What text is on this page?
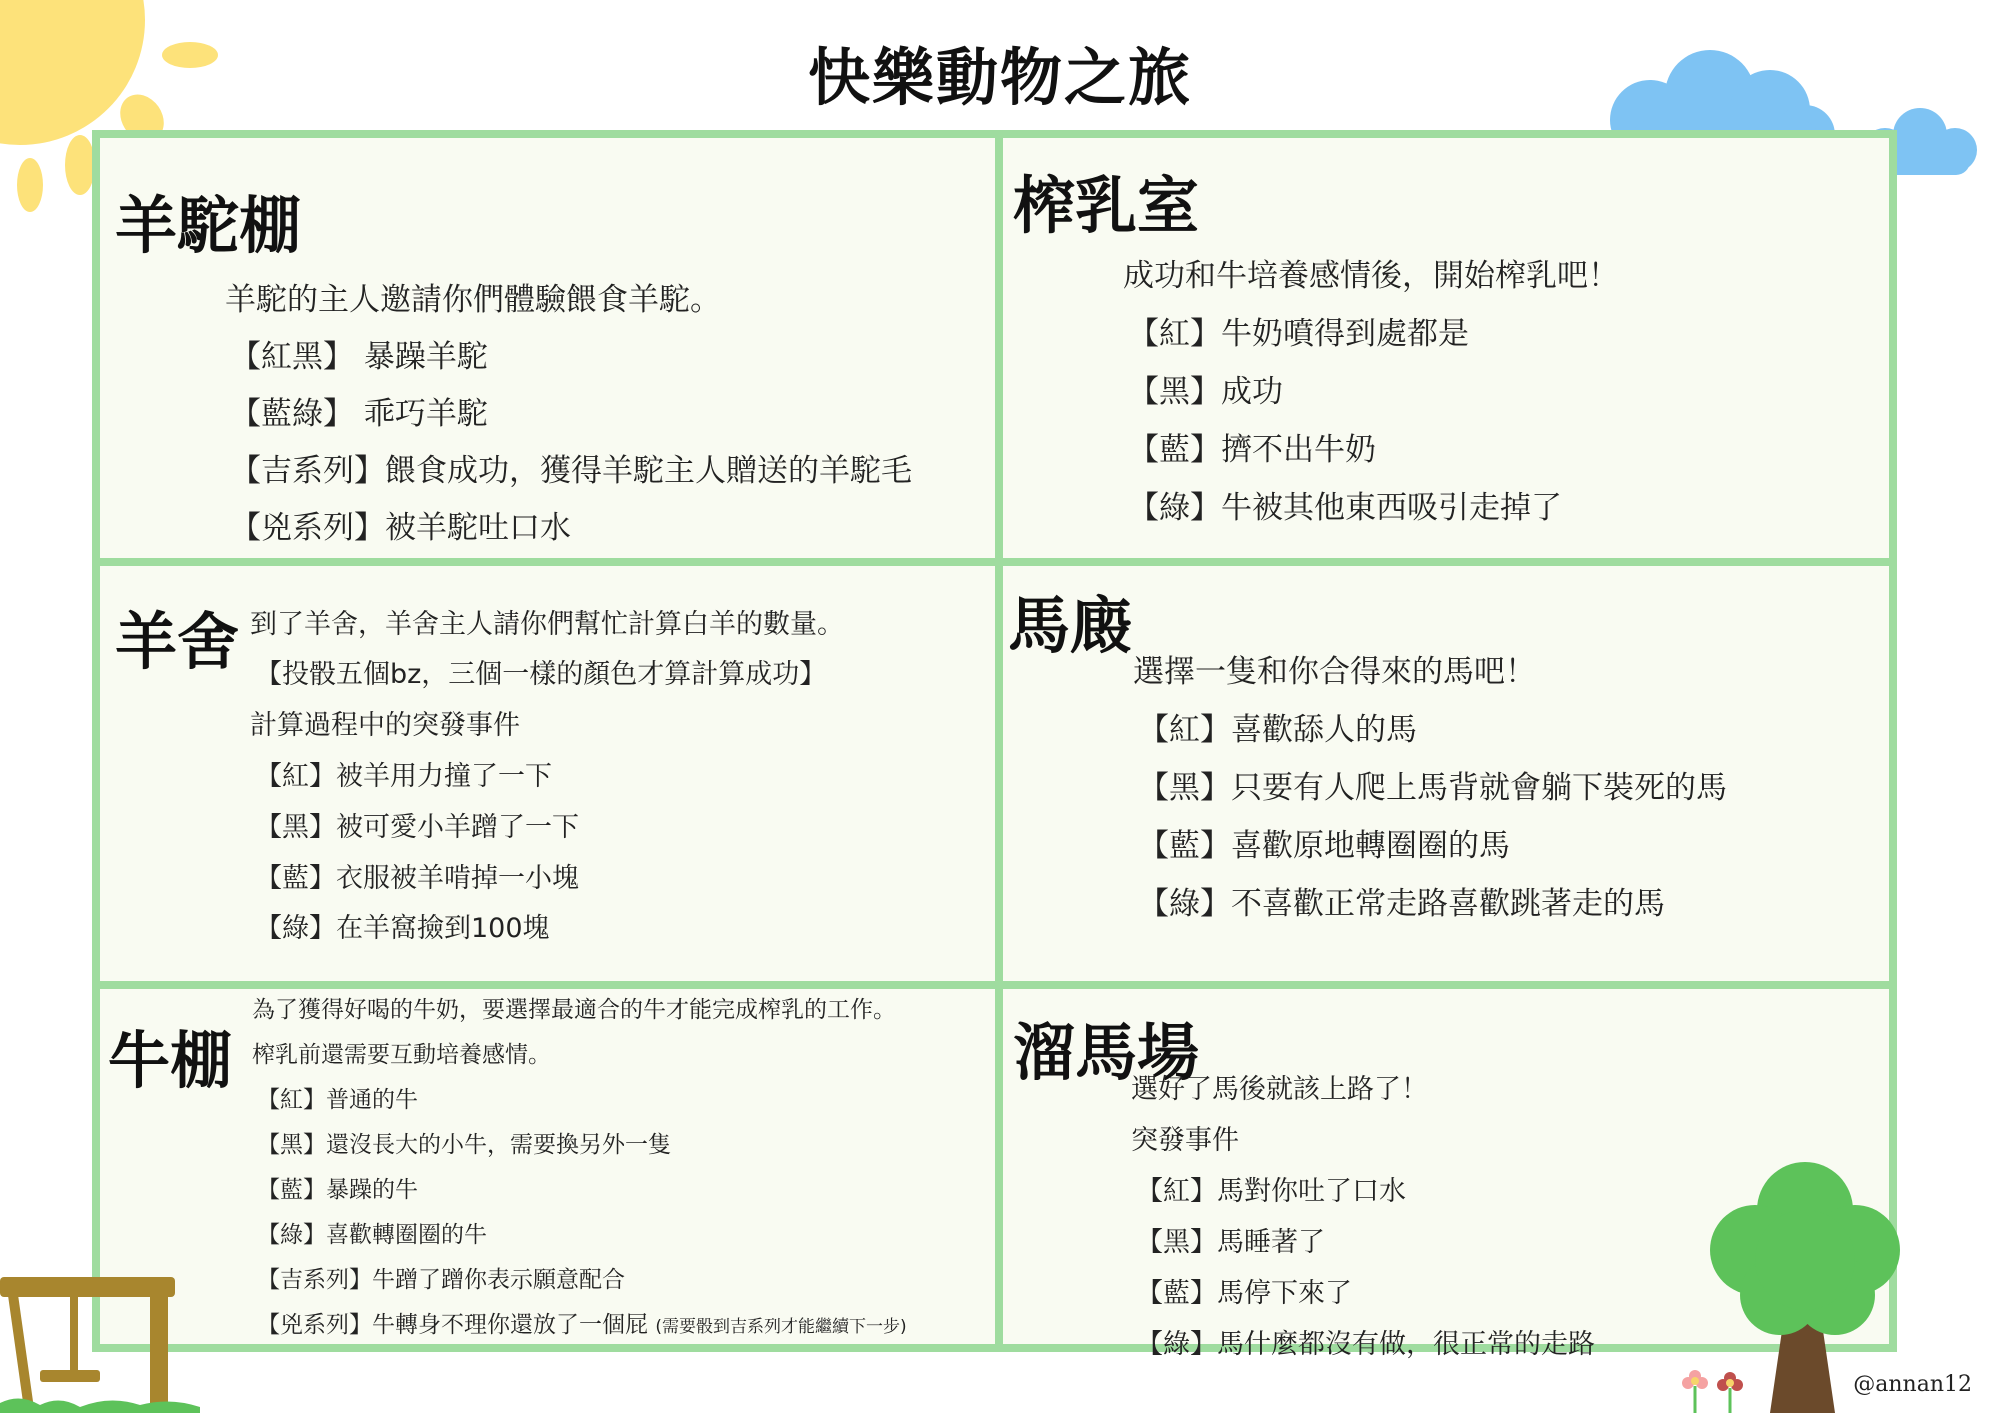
快樂動物之旅
羊駝棚
羊駝的主人邀請你們體驗餵食羊駝。
【紅黑】 暴躁羊駝
【藍綠】 乖巧羊駝
【吉系列】餵食成功，獲得羊駝主人贈送的羊駝毛
【兇系列】被羊駝吐口水
榨乳室
成功和牛培養感情後，開始榨乳吧！
【紅】牛奶噴得到處都是
【黑】成功
【藍】擠不出牛奶
【綠】牛被其他東西吸引走掉了
羊舍 到了羊舍，羊舍主人請你們幫忙計算白羊的數量。
【投骰五個bz，三個一樣的顏色才算計算成功】
計算過程中的突發事件
【紅】被羊用力撞了一下
【黑】被可愛小羊蹭了一下
【藍】衣服被羊啃掉一小塊
【綠】在羊窩撿到100塊
馬廄
選擇一隻和你合得來的馬吧！
【紅】喜歡舔人的馬
【黑】只要有人爬上馬背就會躺下裝死的馬
【藍】喜歡原地轉圈圈的馬
【綠】不喜歡正常走路喜歡跳著走的馬
牛棚
為了獲得好喝的牛奶，要選擇最適合的牛才能完成榨乳的工作。
榨乳前還需要互動培養感情。
【紅】普通的牛
【黑】還沒長大的小牛，需要換另外一隻
【藍】暴躁的牛
【綠】喜歡轉圈圈的牛
【吉系列】牛蹭了蹭你表示願意配合
【兇系列】牛轉身不理你還放了一個屁 (需要骰到吉系列才能繼續下一步)
溜馬場
選好了馬後就該上路了！
突發事件
【紅】馬對你吐了口水
【黑】馬睡著了
【藍】馬停下來了
【綠】馬什麼都沒有做，很正常的走路
@annan12
